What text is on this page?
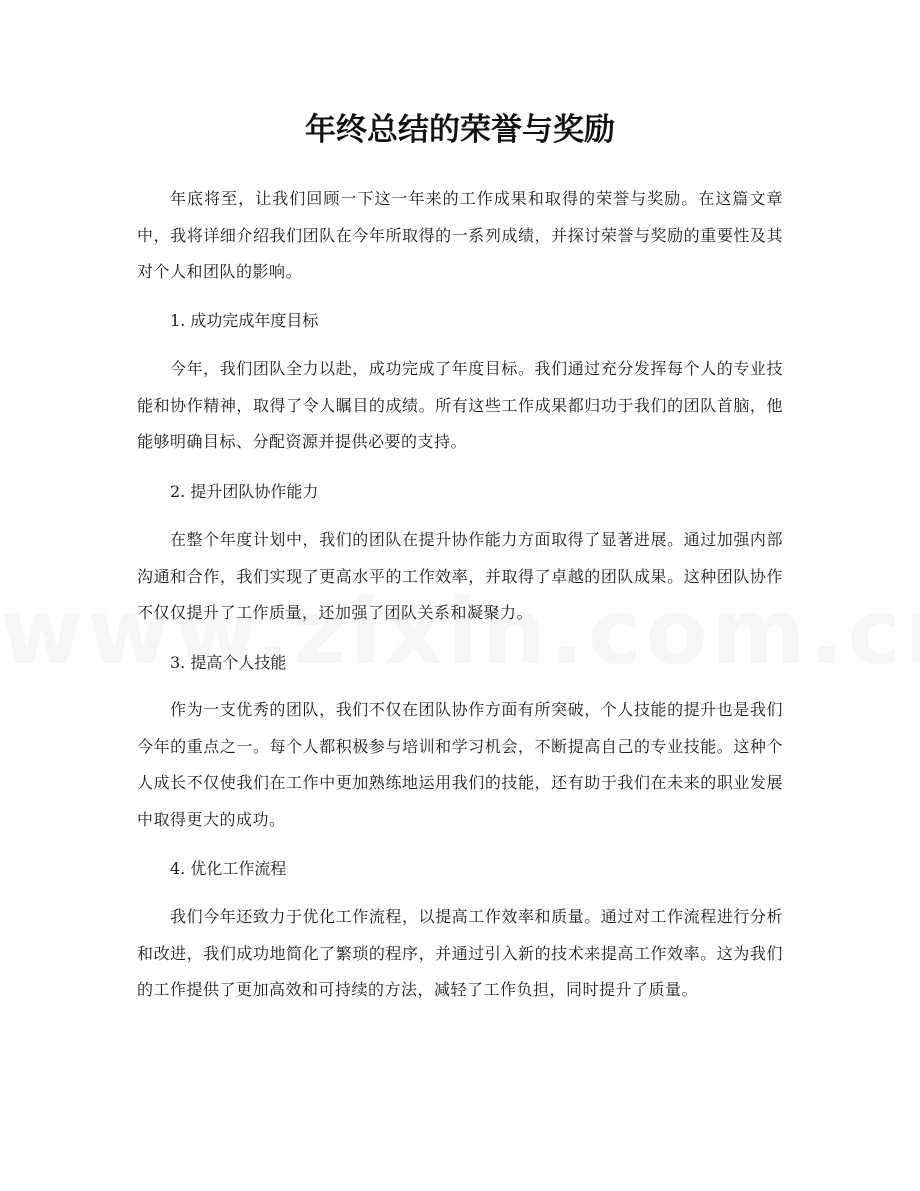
年终总结的荣誉与奖励

年底将至，让我们回顾一下这一年来的工作成果和取得的荣誉与奖励。在这篇文章中，我将详细介绍我们团队在今年所取得的一系列成绩，并探讨荣誉与奖励的重要性及其对个人和团队的影响。

1. 成功完成年度目标

今年，我们团队全力以赴，成功完成了年度目标。我们通过充分发挥每个人的专业技能和协作精神，取得了令人瞩目的成绩。所有这些工作成果都归功于我们的团队首脑，他能够明确目标、分配资源并提供必要的支持。

2. 提升团队协作能力

在整个年度计划中，我们的团队在提升协作能力方面取得了显著进展。通过加强内部沟通和合作，我们实现了更高水平的工作效率，并取得了卓越的团队成果。这种团队协作不仅仅提升了工作质量，还加强了团队关系和凝聚力。

3. 提高个人技能

作为一支优秀的团队，我们不仅在团队协作方面有所突破，个人技能的提升也是我们今年的重点之一。每个人都积极参与培训和学习机会，不断提高自己的专业技能。这种个人成长不仅使我们在工作中更加熟练地运用我们的技能，还有助于我们在未来的职业发展中取得更大的成功。

4. 优化工作流程

我们今年还致力于优化工作流程，以提高工作效率和质量。通过对工作流程进行分析和改进，我们成功地简化了繁琐的程序，并通过引入新的技术来提高工作效率。这为我们的工作提供了更加高效和可持续的方法，减轻了工作负担，同时提升了质量。
